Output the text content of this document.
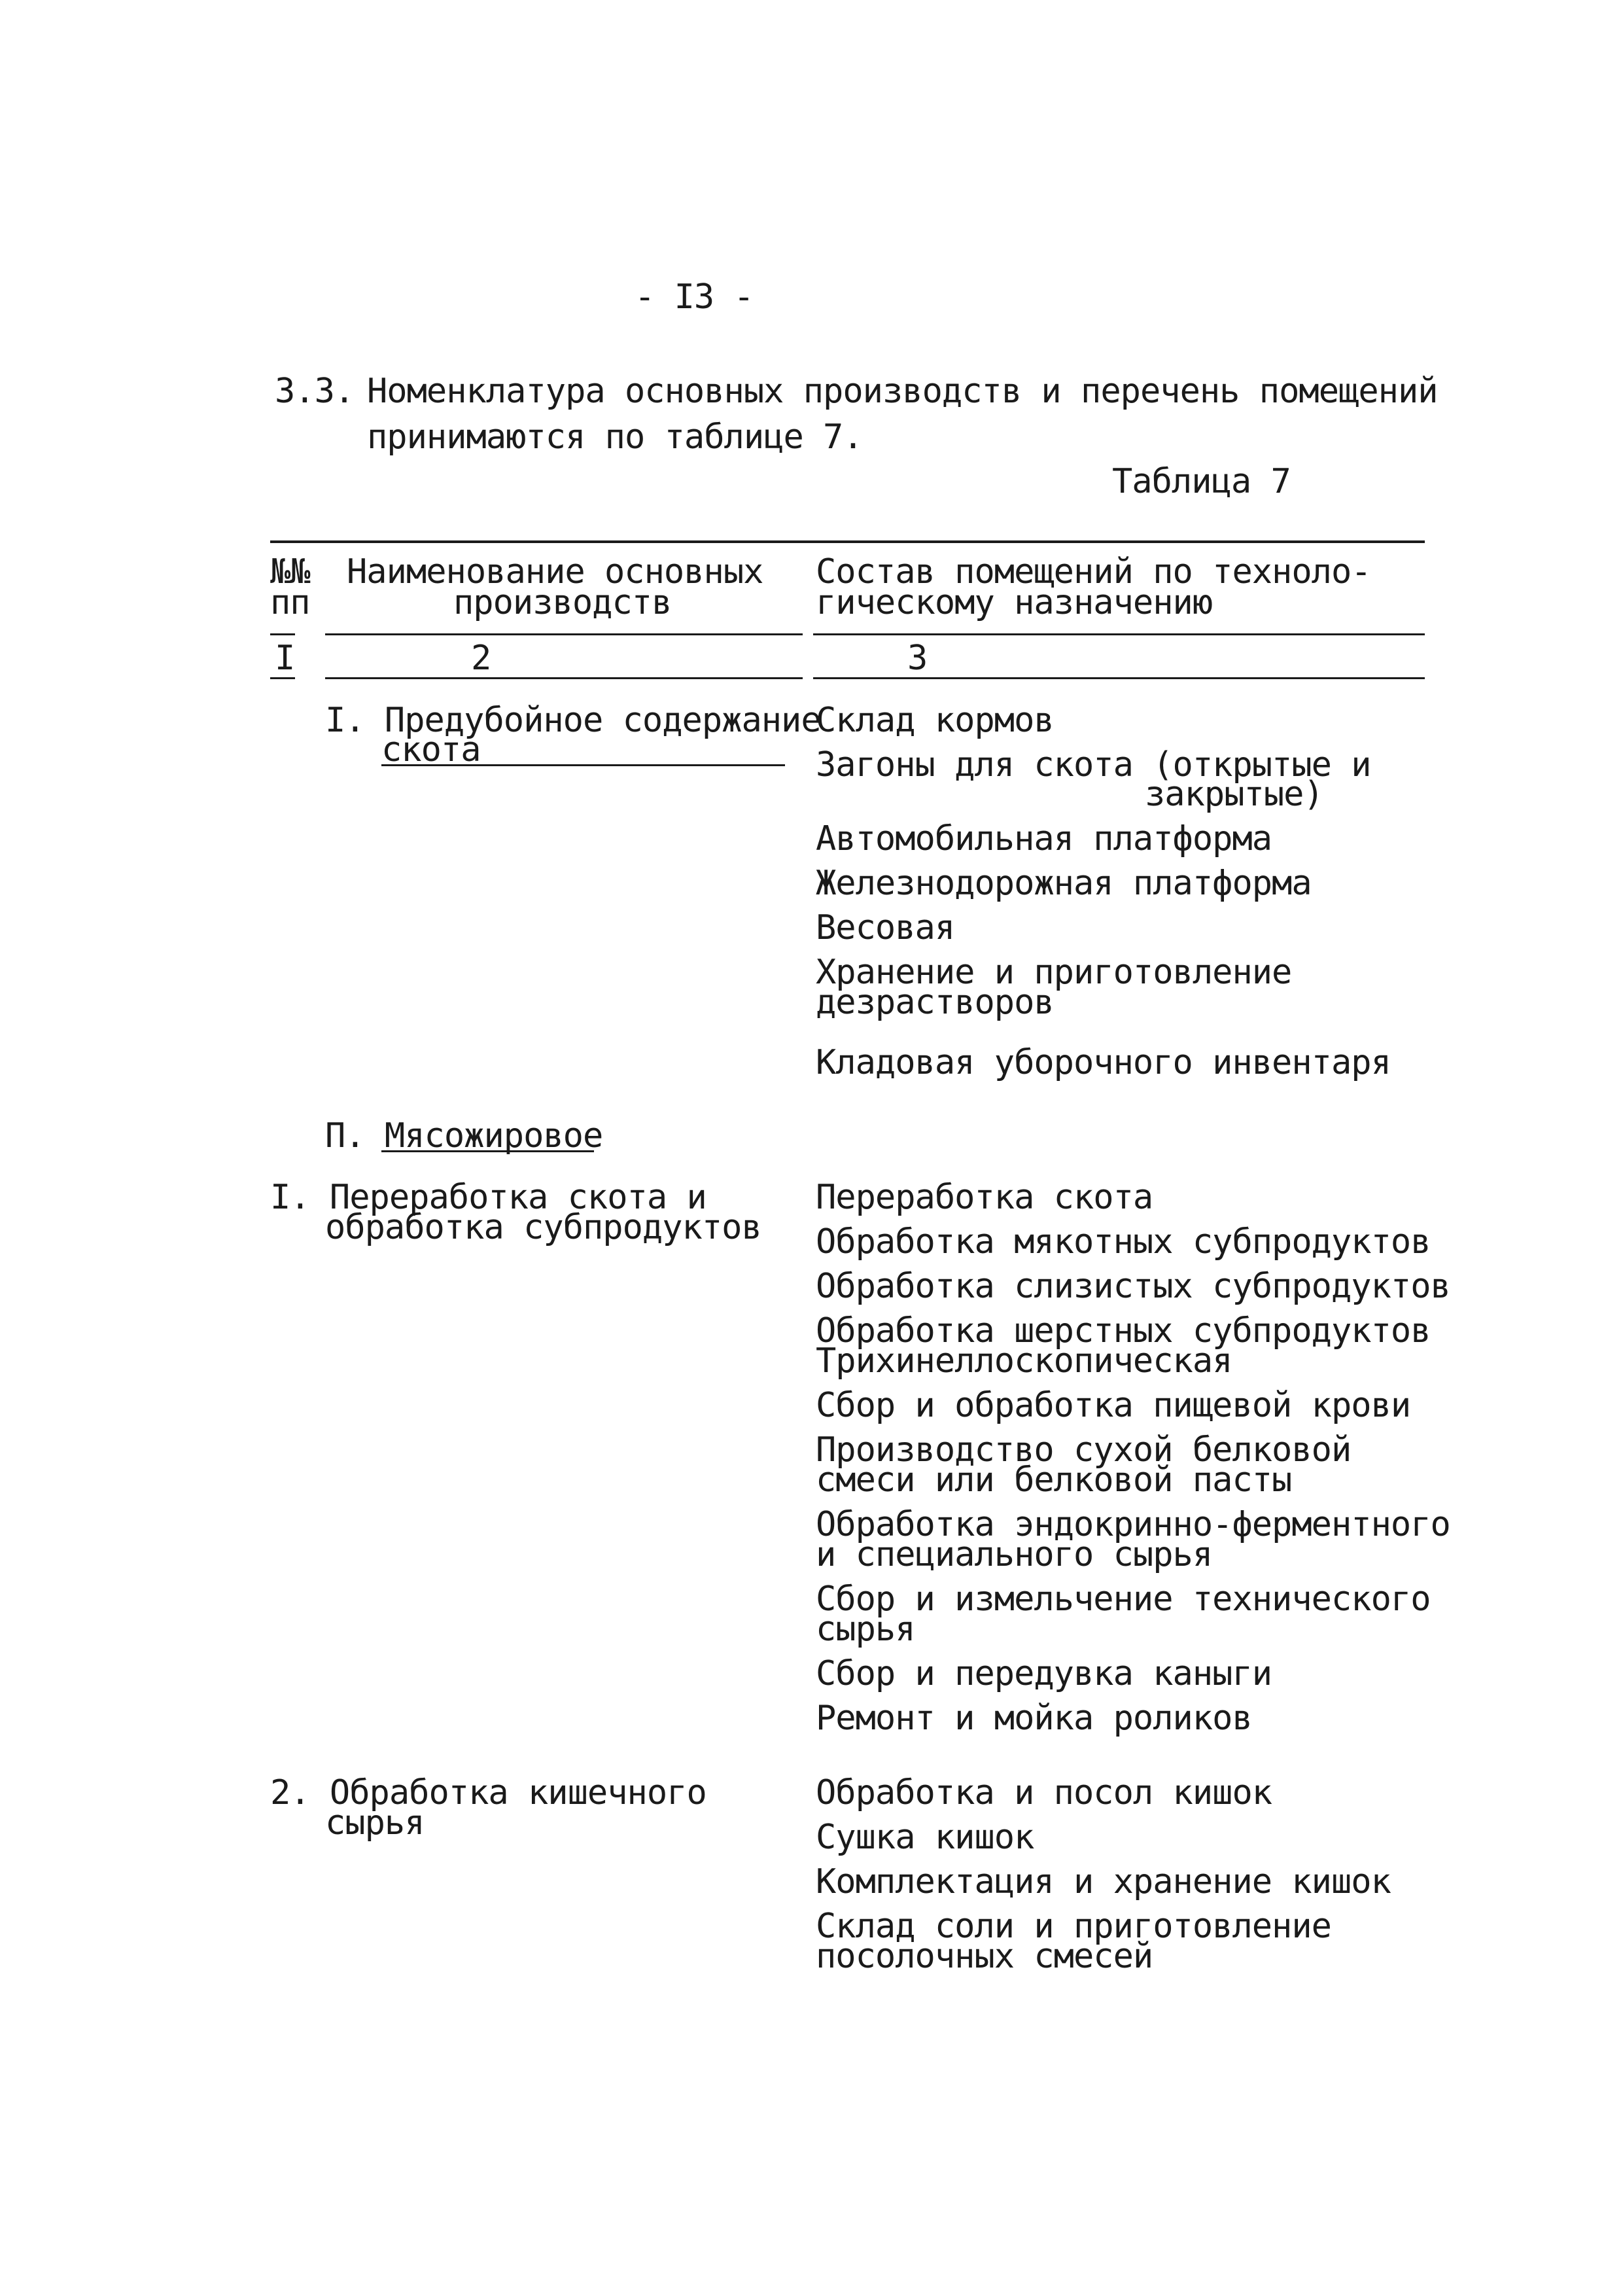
- I3 -
3.3. Номенклатура основных производств и перечень помещений
принимаются по таблице 7.
Таблица 7
№№
пп
Наименование основных
производств
Состав помещений по техноло-
гическому назначению
I	2	3
I. Предубойное содержание
скота
Склад кормов
Загоны для скота (открытые и
закрытые)
Автомобильная платформа
Железнодорожная платформа
Весовая
Хранение и приготовление
дезрастворов
Кладовая уборочного инвентаря
П. Мясожировое
I. Переработка скота и
обработка субпродуктов
Переработка скота
Обработка мякотных субпродуктов
Обработка слизистых субпродуктов
Обработка шерстных субпродуктов
Трихинеллоскопическая
Сбор и обработка пищевой крови
Производство сухой белковой
смеси или белковой пасты
Обработка эндокринно-ферментного
и специального сырья
Сбор и измельчение технического
сырья
Сбор и передувка каныги
Ремонт и мойка роликов
2. Обработка кишечного
сырья
Обработка и посол кишок
Сушка кишок
Комплектация и хранение кишок
Склад соли и приготовление
посолочных смесей
